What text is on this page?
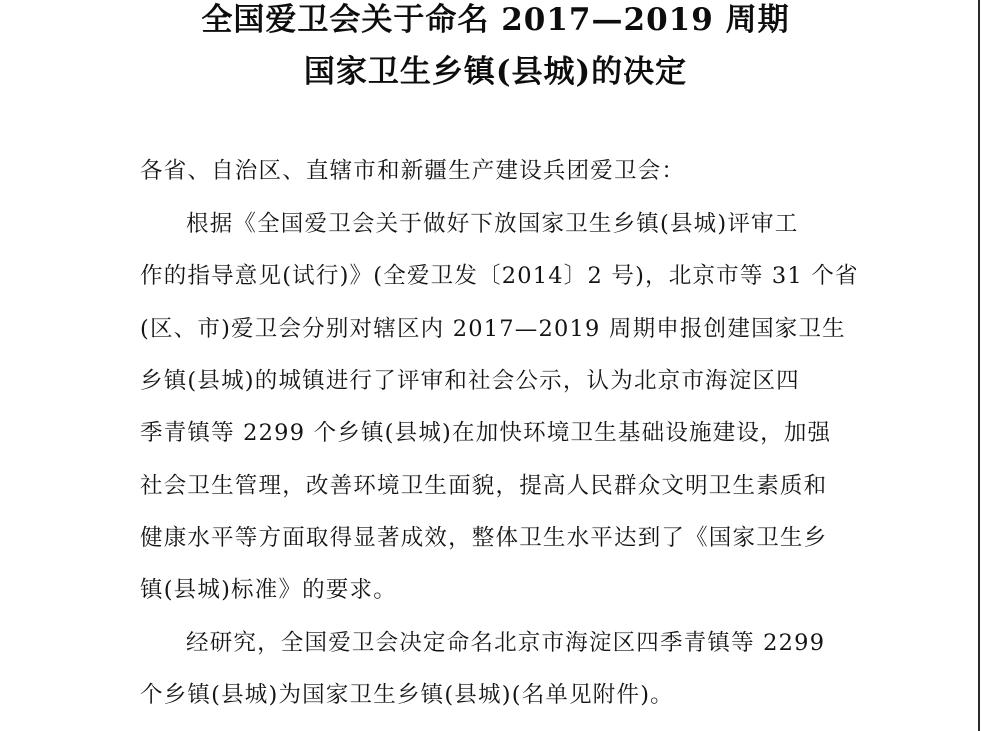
全国爱卫会关于命名 2017—2019 周期
国家卫生乡镇(县城)的决定
各省、自治区、直辖市和新疆生产建设兵团爱卫会：
根据《全国爱卫会关于做好下放国家卫生乡镇(县城)评审工
作的指导意见(试行)》(全爱卫发〔2014〕2 号)，北京市等 31 个省
(区、市)爱卫会分别对辖区内 2017—2019 周期申报创建国家卫生
乡镇(县城)的城镇进行了评审和社会公示，认为北京市海淀区四
季青镇等 2299 个乡镇(县城)在加快环境卫生基础设施建设，加强
社会卫生管理，改善环境卫生面貌，提高人民群众文明卫生素质和
健康水平等方面取得显著成效，整体卫生水平达到了《国家卫生乡
镇(县城)标准》的要求。
经研究，全国爱卫会决定命名北京市海淀区四季青镇等 2299
个乡镇(县城)为国家卫生乡镇(县城)(名单见附件)。
